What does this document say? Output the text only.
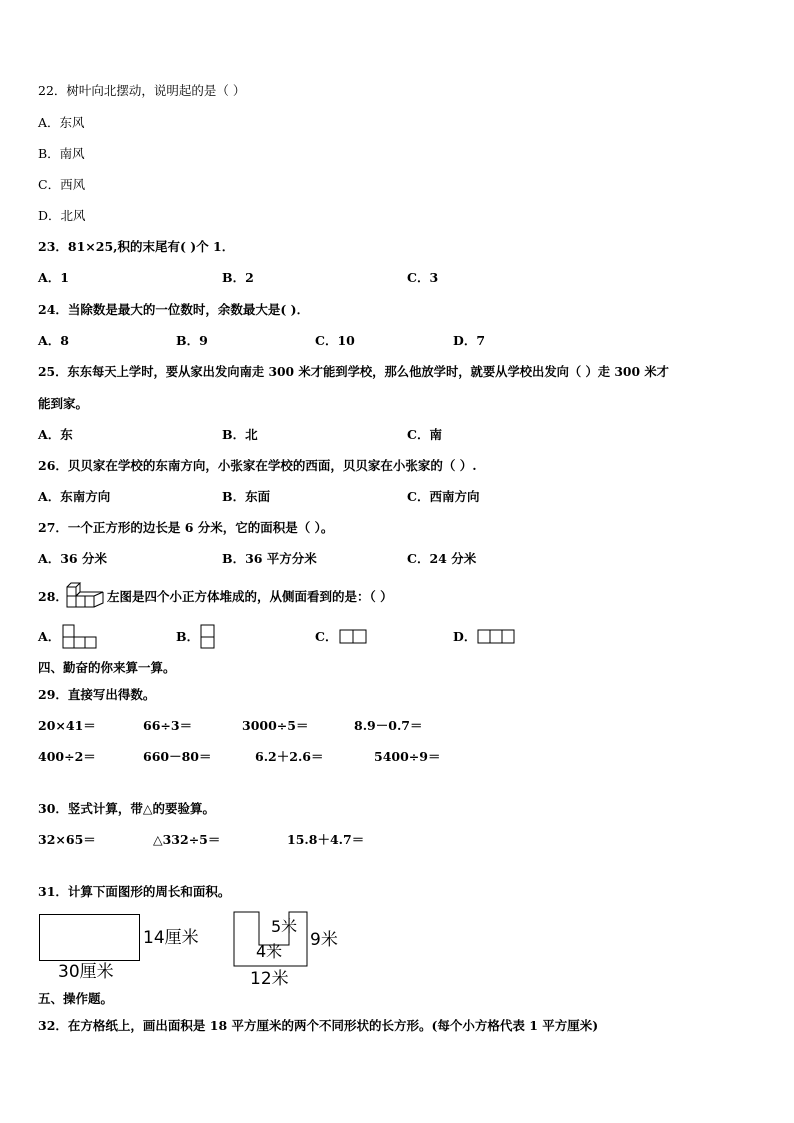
22．树叶向北摆动，说明起的是（ ）
A．东风
B．南风
C．西风
D．北风
23．81×25,积的末尾有( )个 1．
A．1	B．2	C．3
24．当除数是最大的一位数时，余数最大是( )．
A．8	B．9	C．10	D．7
25．东东每天上学时，要从家出发向南走 300 米才能到学校，那么他放学时，就要从学校出发向（ ）走 300 米才
能到家。
A．东	B．北	C．南
26．贝贝家在学校的东南方向，小张家在学校的西面，贝贝家在小张家的（ ）.
A．东南方向	B．东面	C．西南方向
27．一个正方形的边长是 6 分米，它的面积是（ ）。
A．36 分米	B．36 平方分米	C．24 分米
28．	左图是四个小正方体堆成的，从侧面看到的是：（ ）
A．	B．	C．	D．
四、勤奋的你来算一算。
29．直接写出得数。
20×41＝	66÷3＝	3000÷5＝	8.9－0.7＝
400÷2＝	660－80＝	6.2＋2.6＝	5400÷9＝
30．竖式计算，带△的要验算。
32×65＝	△332÷5＝	15.8＋4.7＝
31．计算下面图形的周长和面积。
14厘米
30厘米
5米
4米
9米
12米
五、操作题。
32．在方格纸上，画出面积是 18 平方厘米的两个不同形状的长方形。(每个小方格代表 1 平方厘米)
